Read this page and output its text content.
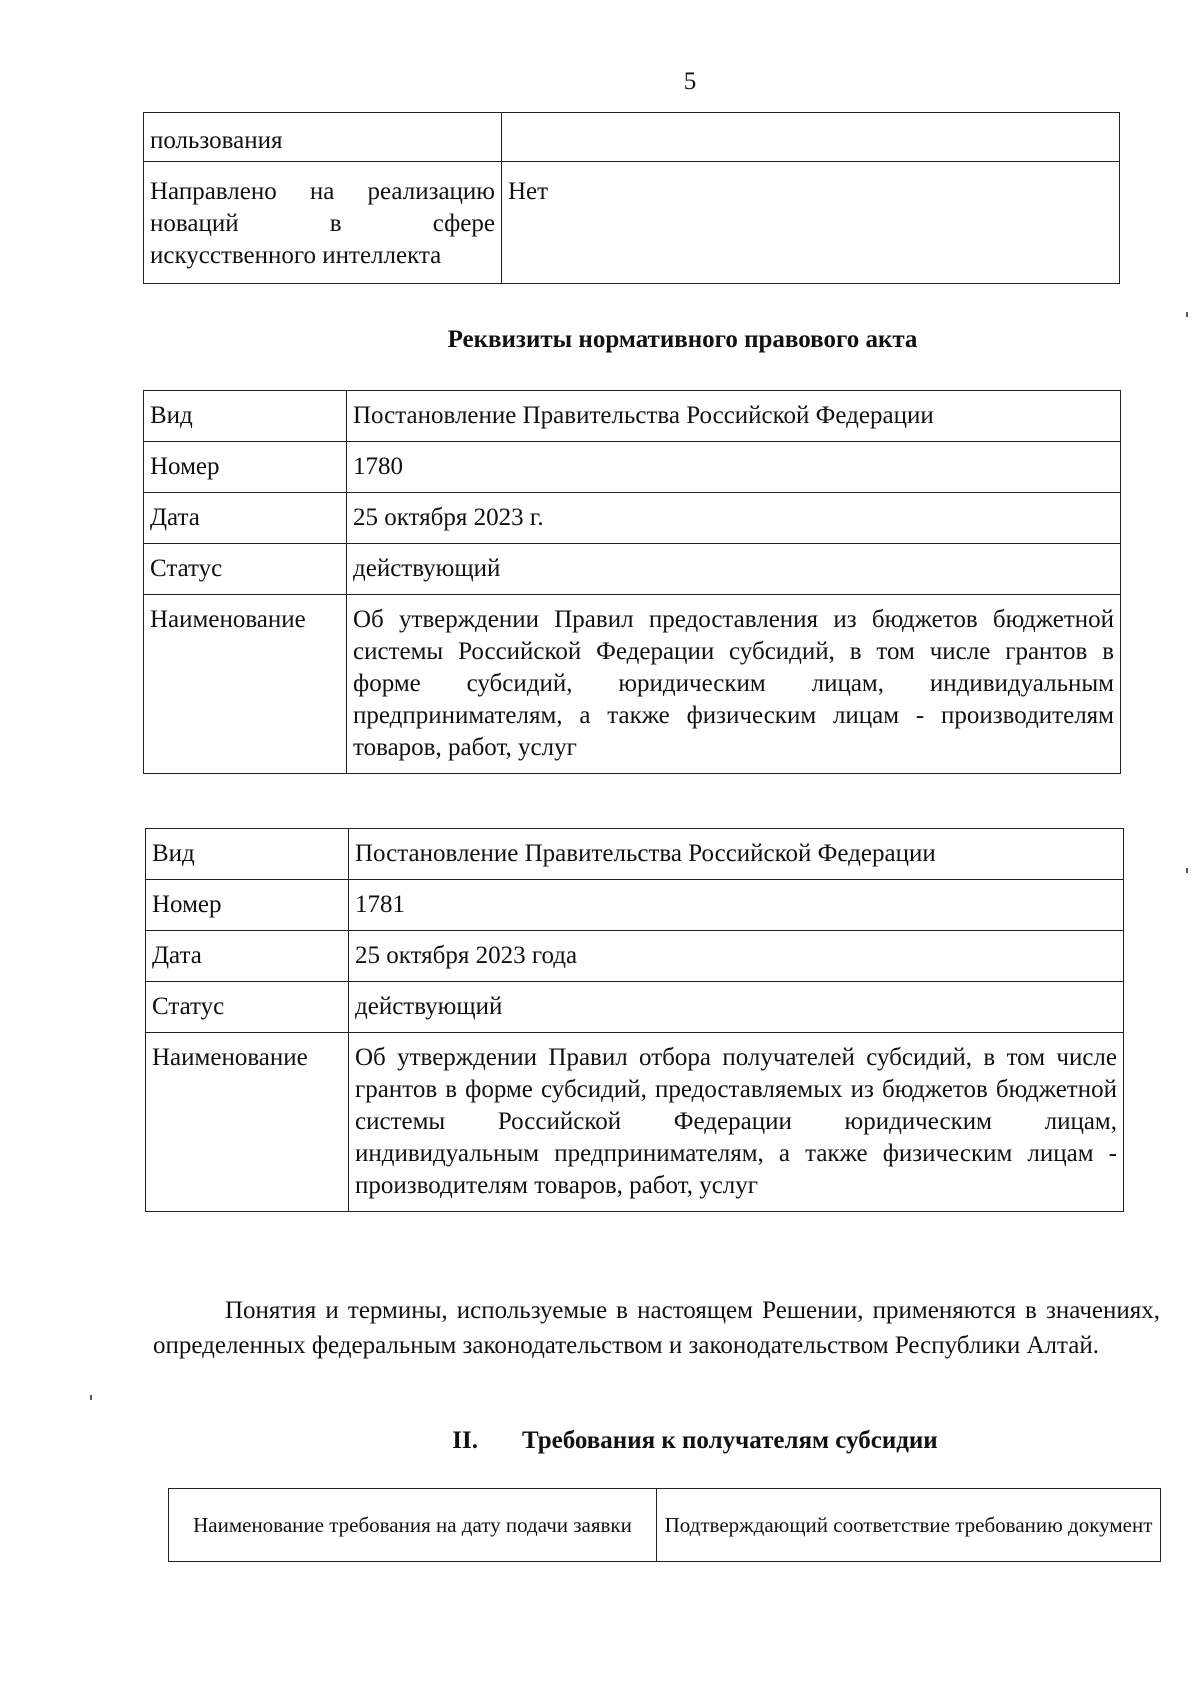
5
пользования	
Направлено на реализацию новаций в сфере искусственного интеллекта	Нет
Реквизиты нормативного правового акта
Вид	Постановление Правительства Российской Федерации
Номер	1780
Дата	25 октября 2023 г.
Статус	действующий
Наименование	Об утверждении Правил предоставления из бюджетов бюджетной системы Российской Федерации субсидий, в том числе грантов в форме субсидий, юридическим лицам, индивидуальным предпринимателям, а также физическим лицам - производителям товаров, работ, услуг
Вид	Постановление Правительства Российской Федерации
Номер	1781
Дата	25 октября 2023 года
Статус	действующий
Наименование	Об утверждении Правил отбора получателей субсидий, в том числе грантов в форме субсидий, предоставляемых из бюджетов бюджетной системы Российской Федерации юридическим лицам, индивидуальным предпринимателям, а также физическим лицам - производителям товаров, работ, услуг
Понятия и термины, используемые в настоящем Решении, применяются в значениях, определенных федеральным законодательством и законодательством Республики Алтай.
II. Требования к получателям субсидии
Наименование требования на дату подачи заявки	Подтверждающий соответствие требованию документ
